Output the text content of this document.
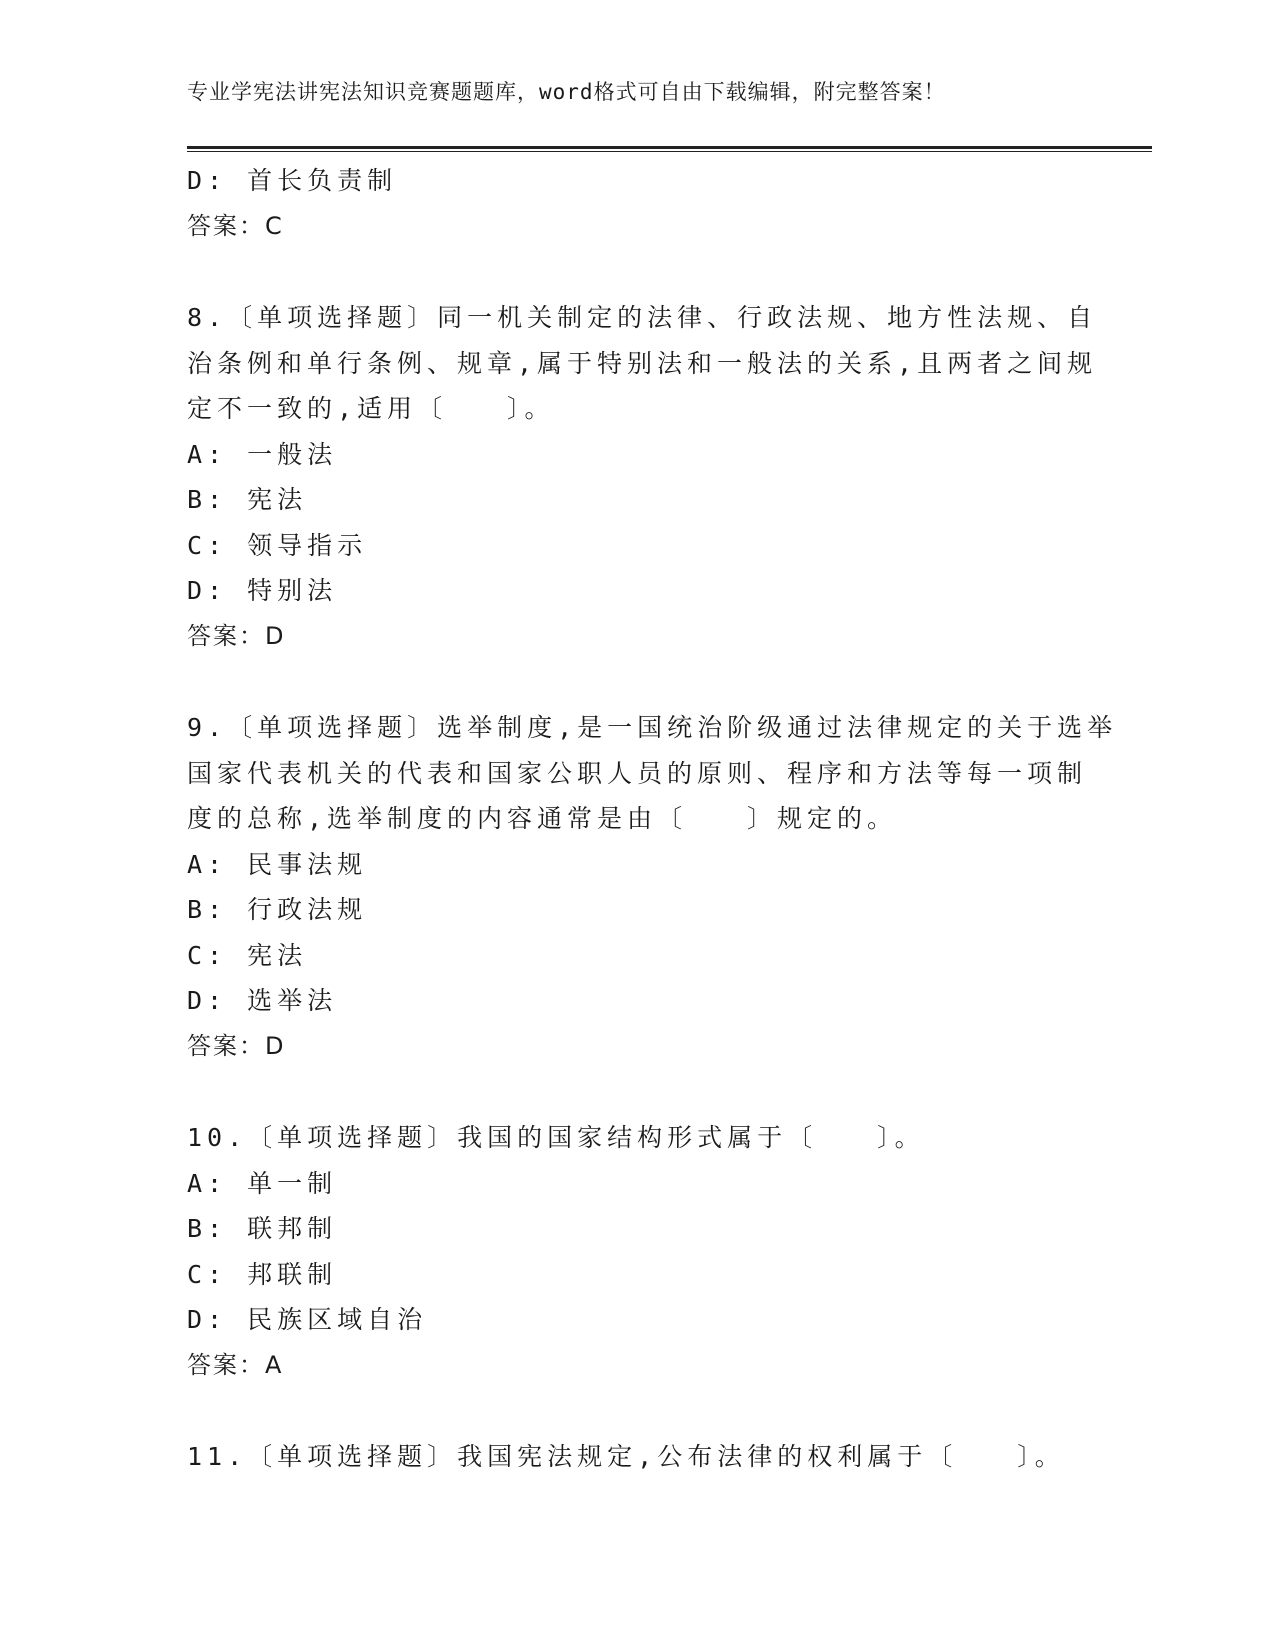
专业学宪法讲宪法知识竞赛题题库，word格式可自由下载编辑，附完整答案！
D: 首长负责制
答案：C
8.〔单项选择题〕同一机关制定的法律、行政法规、地方性法规、自
治条例和单行条例、规章,属于特别法和一般法的关系,且两者之间规
定不一致的,适用〔　　〕。
A: 一般法
B: 宪法
C: 领导指示
D: 特别法
答案：D
9.〔单项选择题〕选举制度,是一国统治阶级通过法律规定的关于选举
国家代表机关的代表和国家公职人员的原则、程序和方法等每一项制
度的总称,选举制度的内容通常是由〔　　〕规定的。
A: 民事法规
B: 行政法规
C: 宪法
D: 选举法
答案：D
10.〔单项选择题〕我国的国家结构形式属于〔　　〕。
A: 单一制
B: 联邦制
C: 邦联制
D: 民族区域自治
答案：A
11.〔单项选择题〕我国宪法规定,公布法律的权利属于〔　　〕。
